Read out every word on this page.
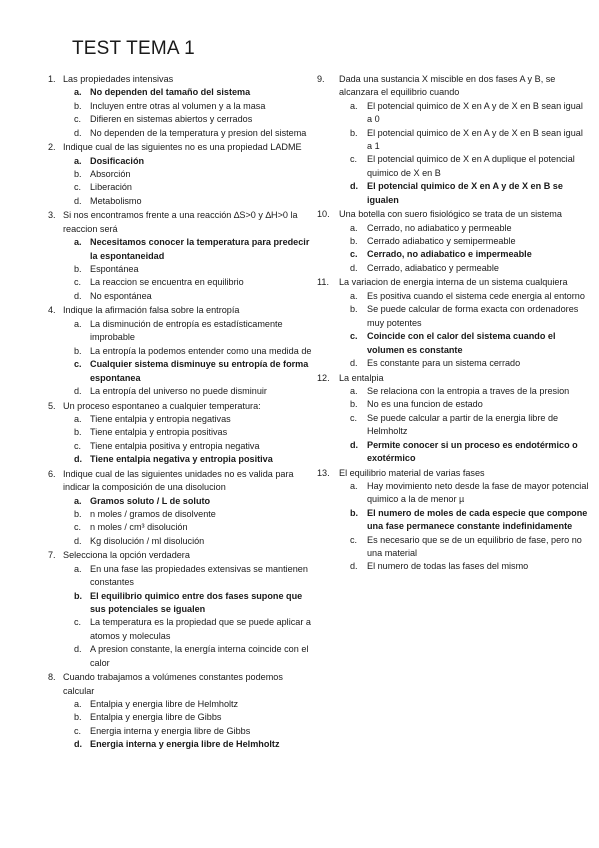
TEST TEMA 1
1. Las propiedades intensivas
a. No dependen del tamaño del sistema
b. Incluyen entre otras al volumen y a la masa
c. Difieren en sistemas abiertos y cerrados
d. No dependen de la temperatura y presion del sistema
2. Indique cual de las siguientes no es una propiedad LADME
a. Dosificación
b. Absorción
c. Liberación
d. Metabolismo
3. Si nos encontramos frente a una reacción ∆S>0 y ∆H>0 la reaccion será
a. Necesitamos conocer la temperatura para predecir la espontaneidad
b. Espontánea
c. La reaccion se encuentra en equilibrio
d. No espontánea
4. Indique la afirmación falsa sobre la entropía
a. La disminución de entropía es estadísticamente improbable
b. La entropía la podemos entender como una medida de
c. Cualquier sistema disminuye su entropía de forma espontanea
d. La entropía del universo no puede disminuir
5. Un proceso espontaneo a cualquier temperatura:
a. Tiene entalpia y entropia negativas
b. Tiene entalpia y entropia positivas
c. Tiene entalpia positiva y entropia negativa
d. Tiene entalpia negativa y entropia positiva
6. Indique cual de las siguientes unidades no es valida para indicar la composición de una disolucion
a. Gramos soluto / L de soluto
b. n moles / gramos de disolvente
c. n moles / cm³ disolución
d. Kg disolución / ml disolución
7. Selecciona la opción verdadera
a. En una fase las propiedades extensivas se mantienen constantes
b. El equilibrio quimico entre dos fases supone que sus potenciales se igualen
c. La temperatura es la propiedad que se puede aplicar a atomos y moleculas
d. A presion constante, la energía interna coincide con el calor
8. Cuando trabajamos a volúmenes constantes podemos calcular
a. Entalpia y energia libre de Helmholtz
b. Entalpia y energia libre de Gibbs
c. Energia interna y energia libre de Gibbs
d. Energia interna y energia libre de Helmholtz
9. Dada una sustancia X miscible en dos fases A y B, se alcanzara el equilibrio cuando
a. El potencial quimico de X en A y de X en B sean igual a 0
b. El potencial quimico de X en A y de X en B sean igual a 1
c. El potencial quimico de X en A duplique el potencial quimico de X en B
d. El potencial quimico de X en A y de X en B se igualen
10. Una botella con suero fisiológico se trata de un sistema
a. Cerrado, no adiabatico y permeable
b. Cerrado adiabatico y semipermeable
c. Cerrado, no adiabatico e impermeable
d. Cerrado, adiabatico y permeable
11. La variacion de energia interna de un sistema cualquiera
a. Es positiva cuando el sistema cede energia al entorno
b. Se puede calcular de forma exacta con ordenadores muy potentes
c. Coincide con el calor del sistema cuando el volumen es constante
d. Es constante para un sistema cerrado
12. La entalpia
a. Se relaciona con la entropia a traves de la presion
b. No es una funcion de estado
c. Se puede calcular a partir de la energia libre de Helmholtz
d. Permite conocer si un proceso es endotérmico o exotérmico
13. El equilibrio material de varias fases
a. Hay movimiento neto desde la fase de mayor potencial quimico a la de menor µ
b. El numero de moles de cada especie que compone una fase permanece constante indefinidamente
c. Es necesario que se de un equilibrio de fase, pero no una material
d. El numero de todas las fases del mismo
